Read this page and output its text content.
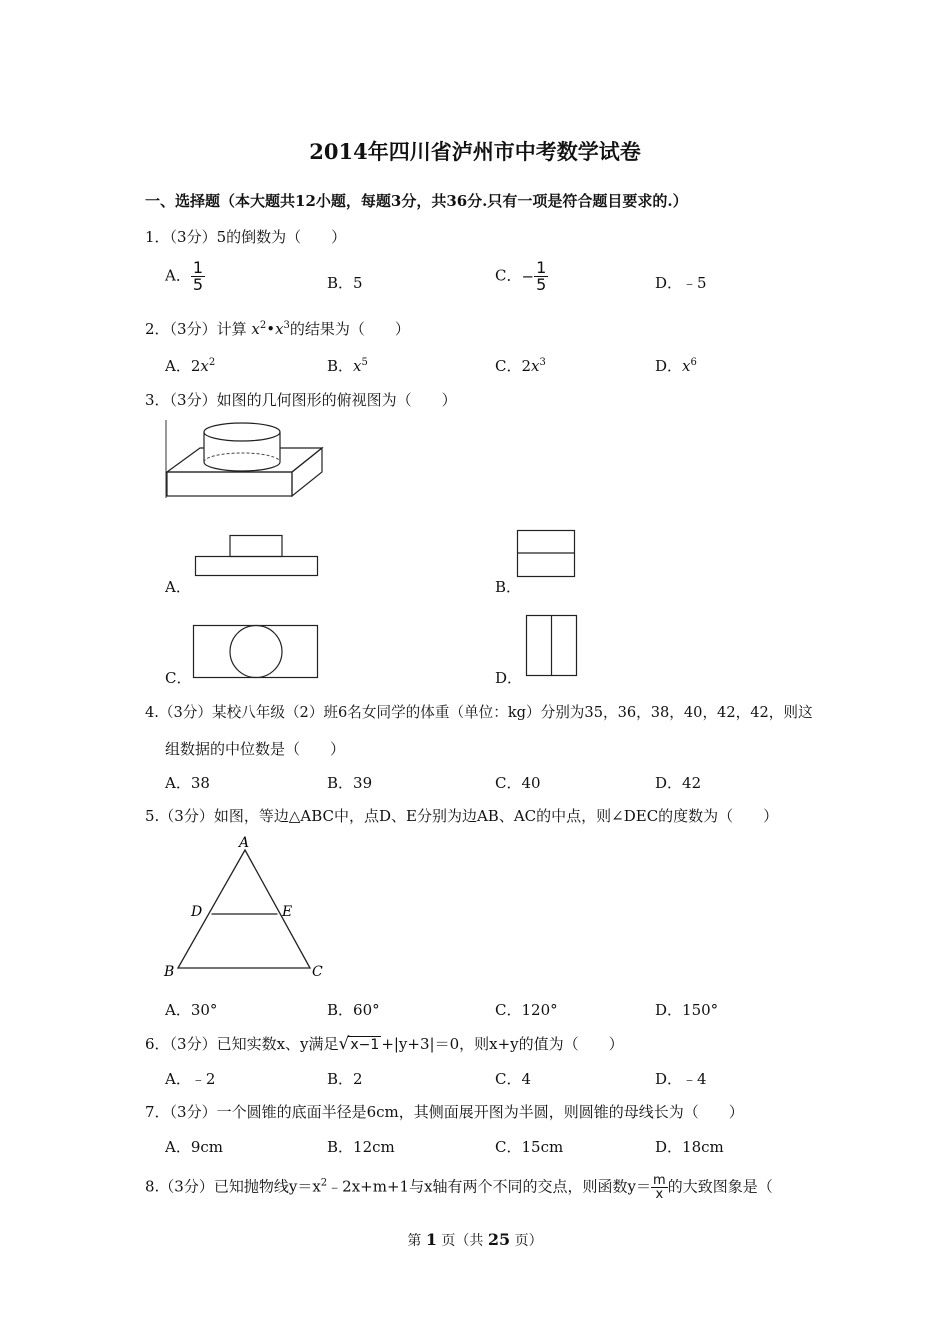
2014年四川省泸州市中考数学试卷
一、选择题（本大题共12小题，每题3分，共36分.只有一项是符合题目要求的.）
1．（3分）5的倒数为（　　）
A． $\frac{1}{5}$	B．5	C．− $\frac{1}{5}$	D．﹣5
2．（3分）计算 $x^2•x^3$的结果为（　　）
A．$2x^2$	B．$x^5$	C．$2x^3$	D．$x^6$
3．（3分）如图的几何图形的俯视图为（　　）
A．	B．
C．	D．
4.（3分）某校八年级（2）班6名女同学的体重（单位：kg）分别为35，36，38，40，42，42，则这
组数据的中位数是（　　）
A．38	B．39	C．40	D．42
5.（3分）如图，等边△ABC中，点D、E分别为边AB、AC的中点，则∠DEC的度数为（　　）
A
D	E
B	C
A．30°	B．60°	C．120°	D．150°
6．（3分）已知实数x、y满足√x−1 +|y+3|＝0，则x+y的值为（　　）
A．﹣2	B．2	C．4	D．﹣4
7．（3分）一个圆锥的底面半径是6cm，其侧面展开图为半圆，则圆锥的母线长为（　　）
A．9cm	B．12cm	C．15cm	D．18cm
8.（3分）已知抛物线$y=x^2﹣2x+m+1$与x轴有两个不同的交点，则函数$y= \frac{m}{x}$ 的大致图象是（
第 1 页（共 25 页）
